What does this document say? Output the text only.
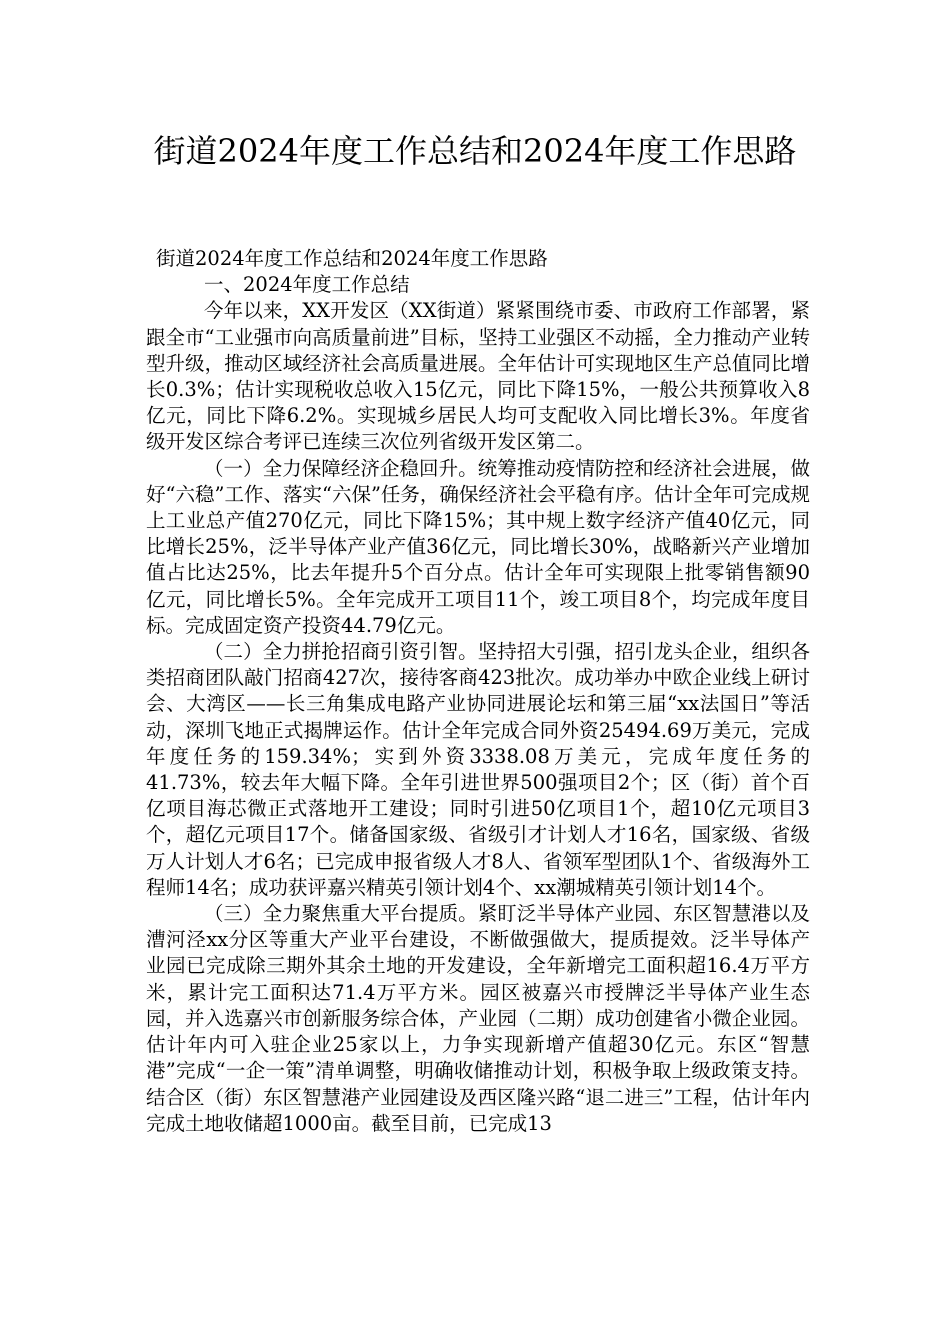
街道2024年度工作总结和2024年度工作思路

街道2024年度工作总结和2024年度工作思路

一、2024年度工作总结

今年以来，XX开发区（XX街道）紧紧围绕市委、市政府工作部署，紧跟全市“工业强市向高质量前进”目标，坚持工业强区不动摇，全力推动产业转型升级，推动区域经济社会高质量进展。全年估计可实现地区生产总值同比增长0.3%；估计实现税收总收入15亿元，同比下降15%，一般公共预算收入8亿元，同比下降6.2%。实现城乡居民人均可支配收入同比增长3%。年度省级开发区综合考评已连续三次位列省级开发区第二。

（一）全力保障经济企稳回升。统筹推动疫情防控和经济社会进展，做好“六稳”工作、落实“六保”任务，确保经济社会平稳有序。估计全年可完成规上工业总产值270亿元，同比下降15%；其中规上数字经济产值40亿元，同比增长25%，泛半导体产业产值36亿元，同比增长30%，战略新兴产业增加值占比达25%，比去年提升5个百分点。估计全年可实现限上批零销售额90亿元，同比增长5%。全年完成开工项目11个，竣工项目8个，均完成年度目标。完成固定资产投资44.79亿元。

（二）全力拼抢招商引资引智。坚持招大引强，招引龙头企业，组织各类招商团队敲门招商427次，接待客商423批次。成功举办中欧企业线上研讨会、大湾区——长三角集成电路产业协同进展论坛和第三届“xx法国日”等活动，深圳飞地正式揭牌运作。估计全年完成合同外资25494.69万美元，完成年度任务的159.34%；实到外资3338.08万美元，完成年度任务的41.73%，较去年大幅下降。全年引进世界500强项目2个；区（街）首个百亿项目海芯微正式落地开工建设；同时引进50亿项目1个，超10亿元项目3个，超亿元项目17个。储备国家级、省级引才计划人才16名，国家级、省级万人计划人才6名；已完成申报省级人才8人、省领军型团队1个、省级海外工程师14名；成功获评嘉兴精英引领计划4个、xx潮城精英引领计划14个。

（三）全力聚焦重大平台提质。紧盯泛半导体产业园、东区智慧港以及漕河泾xx分区等重大产业平台建设，不断做强做大，提质提效。泛半导体产业园已完成除三期外其余土地的开发建设，全年新增完工面积超16.4万平方米，累计完工面积达71.4万平方米。园区被嘉兴市授牌泛半导体产业生态园，并入选嘉兴市创新服务综合体，产业园（二期）成功创建省小微企业园。估计年内可入驻企业25家以上，力争实现新增产值超30亿元。东区“智慧港”完成“一企一策”清单调整，明确收储推动计划，积极争取上级政策支持。结合区（街）东区智慧港产业园建设及西区隆兴路“退二进三”工程，估计年内完成土地收储超1000亩。截至目前，已完成13
